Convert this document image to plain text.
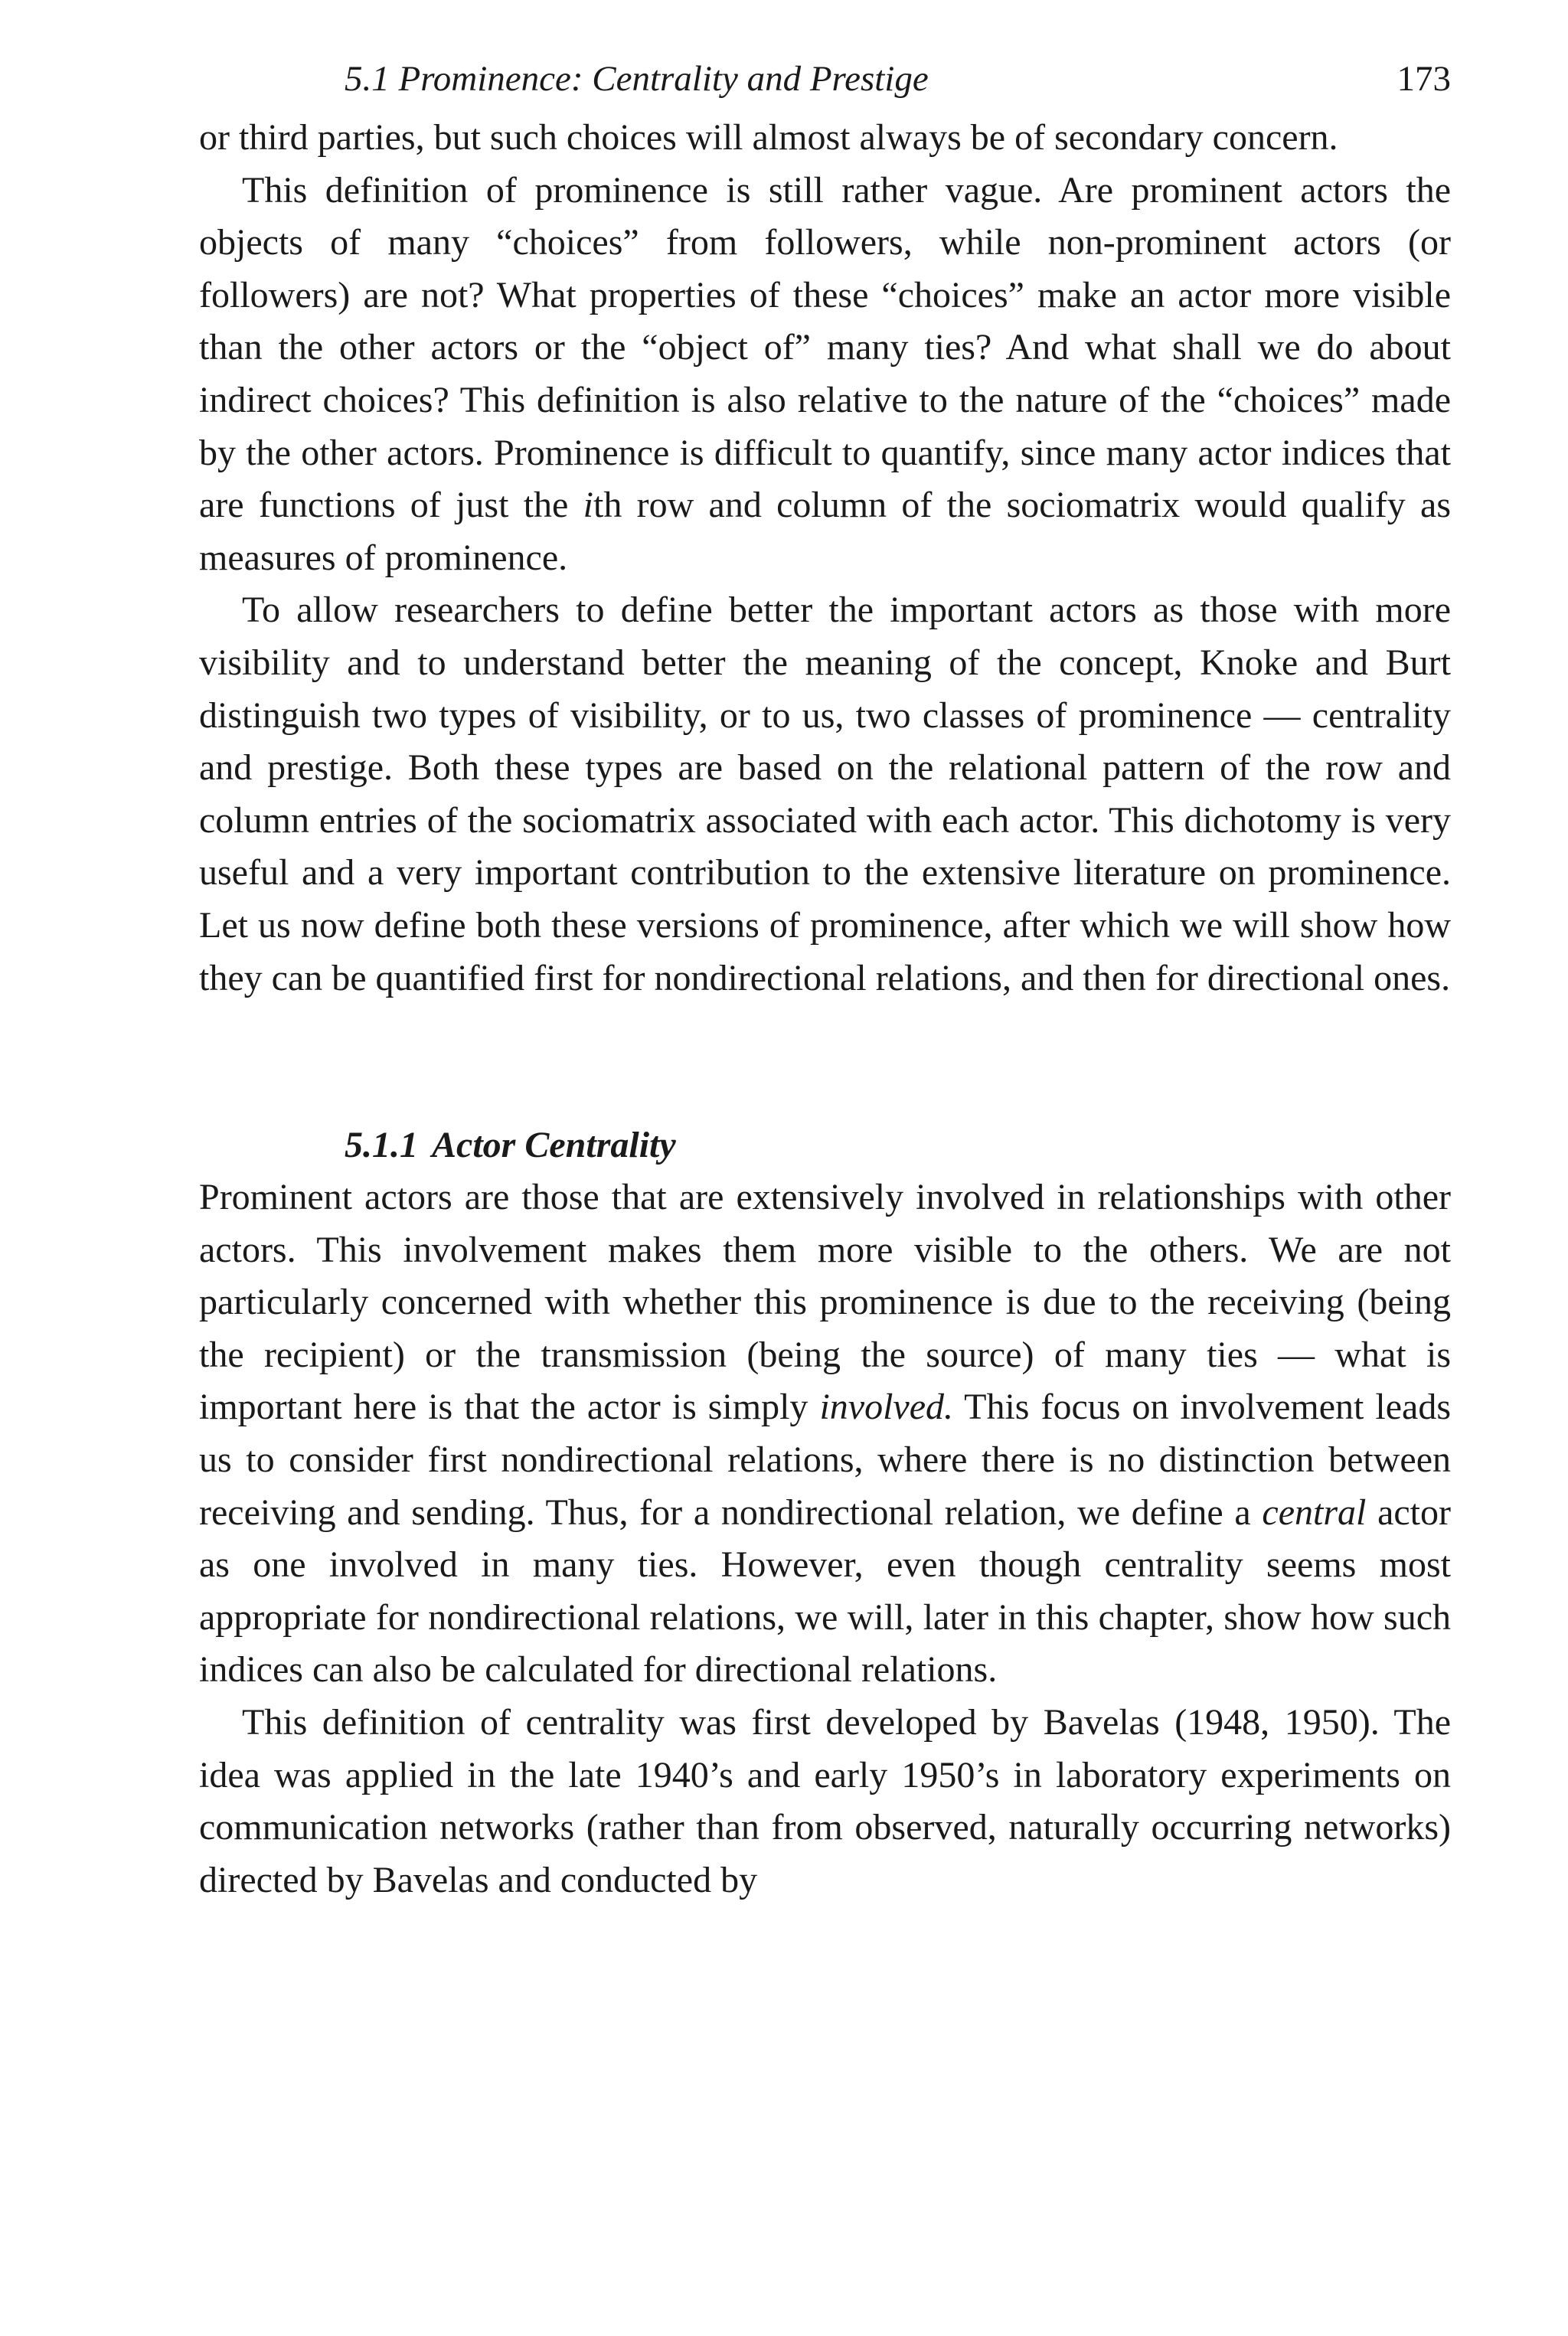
5.1 Prominence: Centrality and Prestige	173

or third parties, but such choices will almost always be of secondary concern.

This definition of prominence is still rather vague. Are prominent actors the objects of many “choices” from followers, while non-prominent actors (or followers) are not? What properties of these “choices” make an actor more visible than the other actors or the “object of” many ties? And what shall we do about indirect choices? This definition is also relative to the nature of the “choices” made by the other actors. Prominence is difficult to quantify, since many actor indices that are functions of just the ith row and column of the sociomatrix would qualify as measures of prominence.

To allow researchers to define better the important actors as those with more visibility and to understand better the meaning of the concept, Knoke and Burt distinguish two types of visibility, or to us, two classes of prominence — centrality and prestige. Both these types are based on the relational pattern of the row and column entries of the sociomatrix associated with each actor. This dichotomy is very useful and a very important contribution to the extensive literature on prominence. Let us now define both these versions of prominence, after which we will show how they can be quantified first for nondirectional relations, and then for directional ones.

5.1.1 Actor Centrality

Prominent actors are those that are extensively involved in relationships with other actors. This involvement makes them more visible to the others. We are not particularly concerned with whether this prominence is due to the receiving (being the recipient) or the transmission (being the source) of many ties — what is important here is that the actor is simply involved. This focus on involvement leads us to consider first nondirectional relations, where there is no distinction between receiving and sending. Thus, for a nondirectional relation, we define a central actor as one involved in many ties. However, even though centrality seems most appropriate for nondirectional relations, we will, later in this chapter, show how such indices can also be calculated for directional relations.

This definition of centrality was first developed by Bavelas (1948, 1950). The idea was applied in the late 1940’s and early 1950’s in laboratory experiments on communication networks (rather than from observed, naturally occurring networks) directed by Bavelas and conducted by
